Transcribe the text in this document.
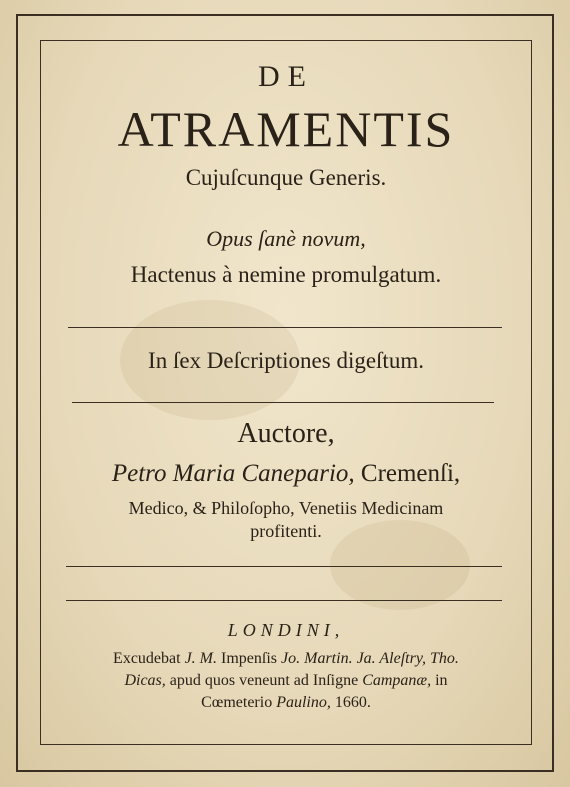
DE
ATRAMENTIS
Cujuſcunque Generis.
Opus ſanè novum,
Hactenus à nemine promulgatum.
In ſex Deſcriptiones digeſtum.
Auctore,
Petro Maria Canepario, Cremenſi,
Medico, & Philoſopho, Venetiis Medicinam
profitenti.
LONDINI,
Excudebat J. M. Impenſis Jo. Martin. Ja. Aleſtry, Tho.
Dicas, apud quos veneunt ad Inſigne Campanæ, in
Cœmeterio Paulino, 1660.
